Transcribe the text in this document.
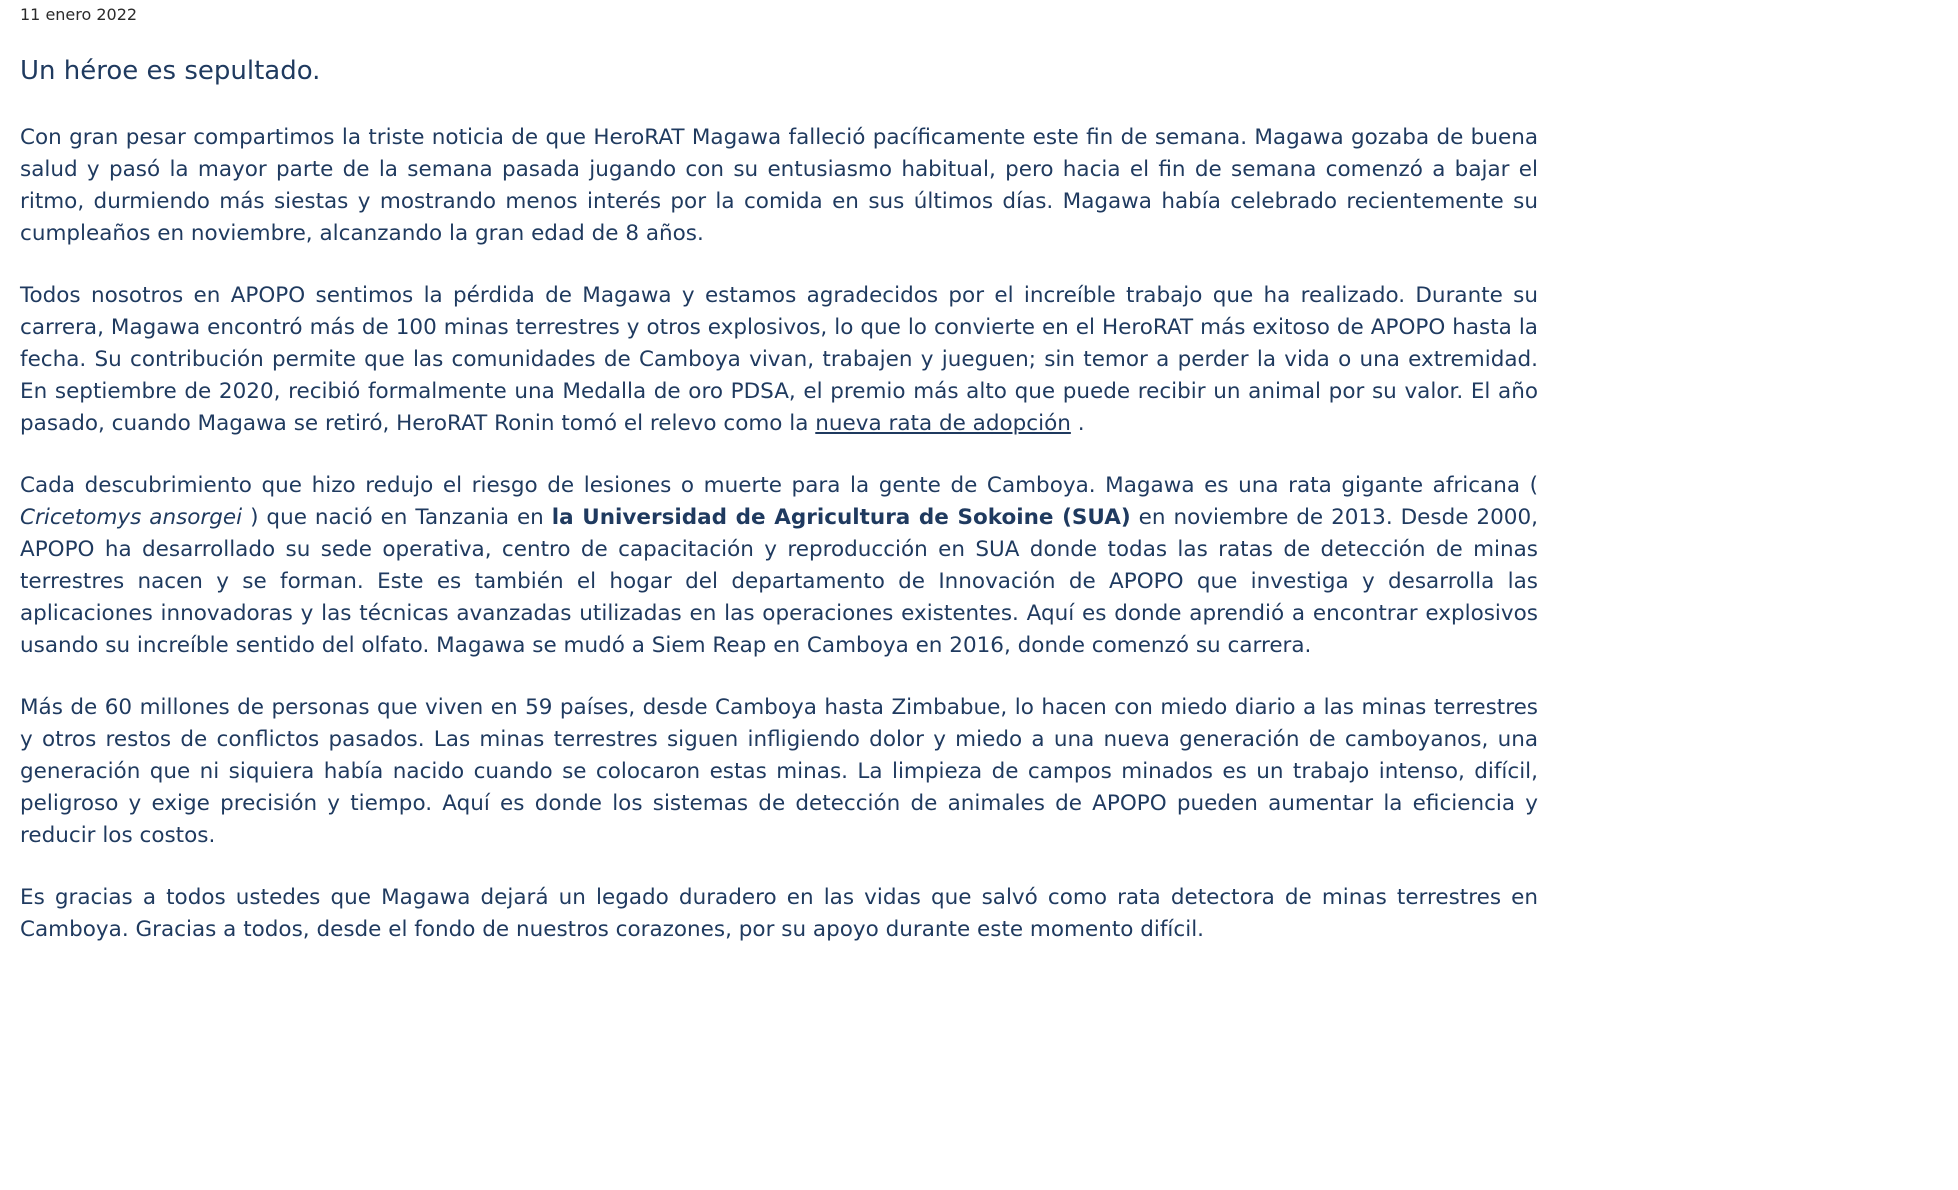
11 enero 2022

Un héroe es sepultado.

Con gran pesar compartimos la triste noticia de que HeroRAT Magawa falleció pacíficamente este fin de semana. Magawa gozaba de buena salud y pasó la mayor parte de la semana pasada jugando con su entusiasmo habitual, pero hacia el fin de semana comenzó a bajar el ritmo, durmiendo más siestas y mostrando menos interés por la comida en sus últimos días. Magawa había celebrado recientemente su cumpleaños en noviembre, alcanzando la gran edad de 8 años.

Todos nosotros en APOPO sentimos la pérdida de Magawa y estamos agradecidos por el increíble trabajo que ha realizado. Durante su carrera, Magawa encontró más de 100 minas terrestres y otros explosivos, lo que lo convierte en el HeroRAT más exitoso de APOPO hasta la fecha. Su contribución permite que las comunidades de Camboya vivan, trabajen y jueguen; sin temor a perder la vida o una extremidad. En septiembre de 2020, recibió formalmente una Medalla de oro PDSA, el premio más alto que puede recibir un animal por su valor. El año pasado, cuando Magawa se retiró, HeroRAT Ronin tomó el relevo como la nueva rata de adopción .

Cada descubrimiento que hizo redujo el riesgo de lesiones o muerte para la gente de Camboya. Magawa es una rata gigante africana ( Cricetomys ansorgei ) que nació en Tanzania en la Universidad de Agricultura de Sokoine (SUA) en noviembre de 2013. Desde 2000, APOPO ha desarrollado su sede operativa, centro de capacitación y reproducción en SUA donde todas las ratas de detección de minas terrestres nacen y se forman. Este es también el hogar del departamento de Innovación de APOPO que investiga y desarrolla las aplicaciones innovadoras y las técnicas avanzadas utilizadas en las operaciones existentes. Aquí es donde aprendió a encontrar explosivos usando su increíble sentido del olfato. Magawa se mudó a Siem Reap en Camboya en 2016, donde comenzó su carrera.

Más de 60 millones de personas que viven en 59 países, desde Camboya hasta Zimbabue, lo hacen con miedo diario a las minas terrestres y otros restos de conflictos pasados. Las minas terrestres siguen infligiendo dolor y miedo a una nueva generación de camboyanos, una generación que ni siquiera había nacido cuando se colocaron estas minas. La limpieza de campos minados es un trabajo intenso, difícil, peligroso y exige precisión y tiempo. Aquí es donde los sistemas de detección de animales de APOPO pueden aumentar la eficiencia y reducir los costos.

Es gracias a todos ustedes que Magawa dejará un legado duradero en las vidas que salvó como rata detectora de minas terrestres en Camboya. Gracias a todos, desde el fondo de nuestros corazones, por su apoyo durante este momento difícil.
